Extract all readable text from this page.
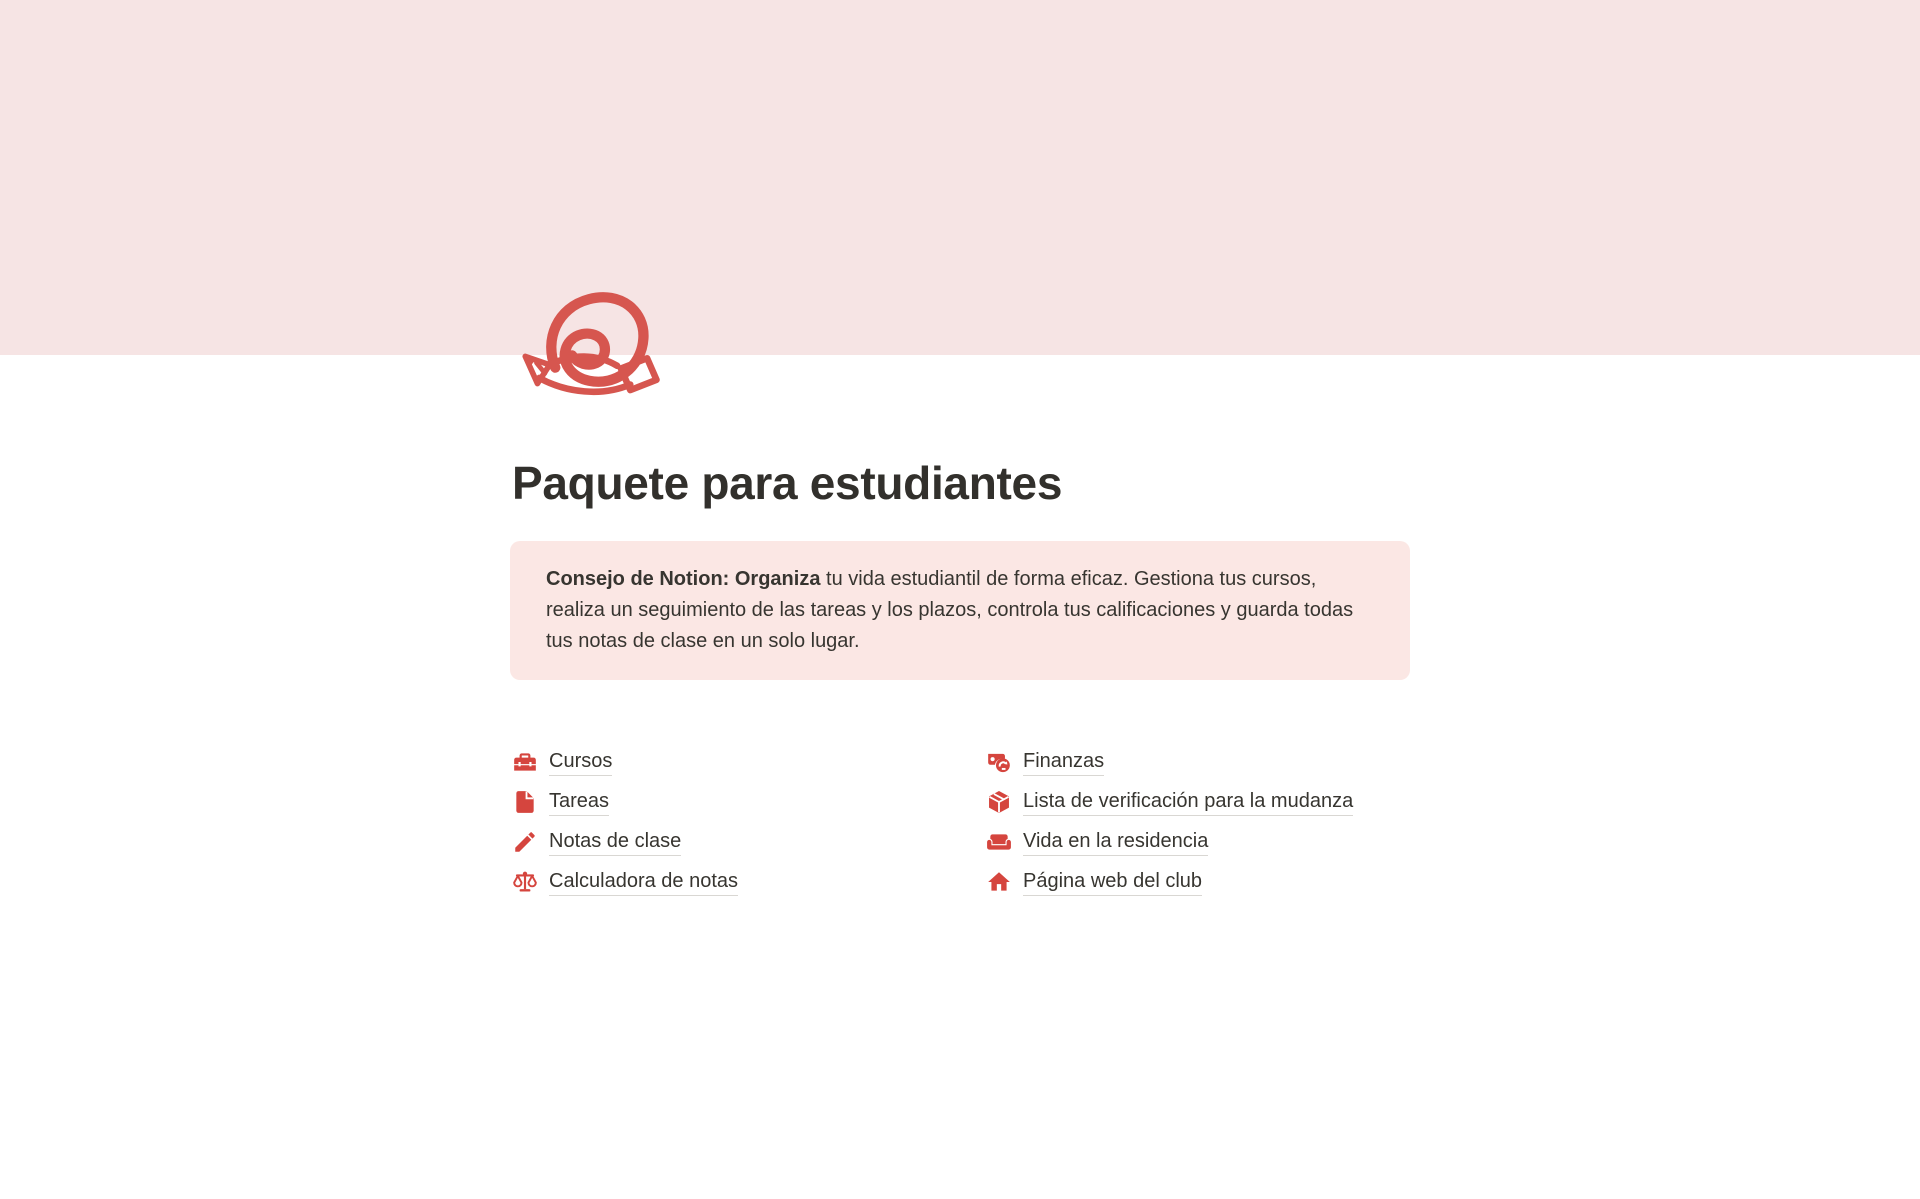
Paquete para estudiantes
Consejo de Notion: Organiza tu vida estudiantil de forma eficaz. Gestiona tus cursos, realiza un seguimiento de las tareas y los plazos, controla tus calificaciones y guarda todas tus notas de clase en un solo lugar.
Cursos
Tareas
Notas de clase
Calculadora de notas
Finanzas
Lista de verificación para la mudanza
Vida en la residencia
Página web del club
